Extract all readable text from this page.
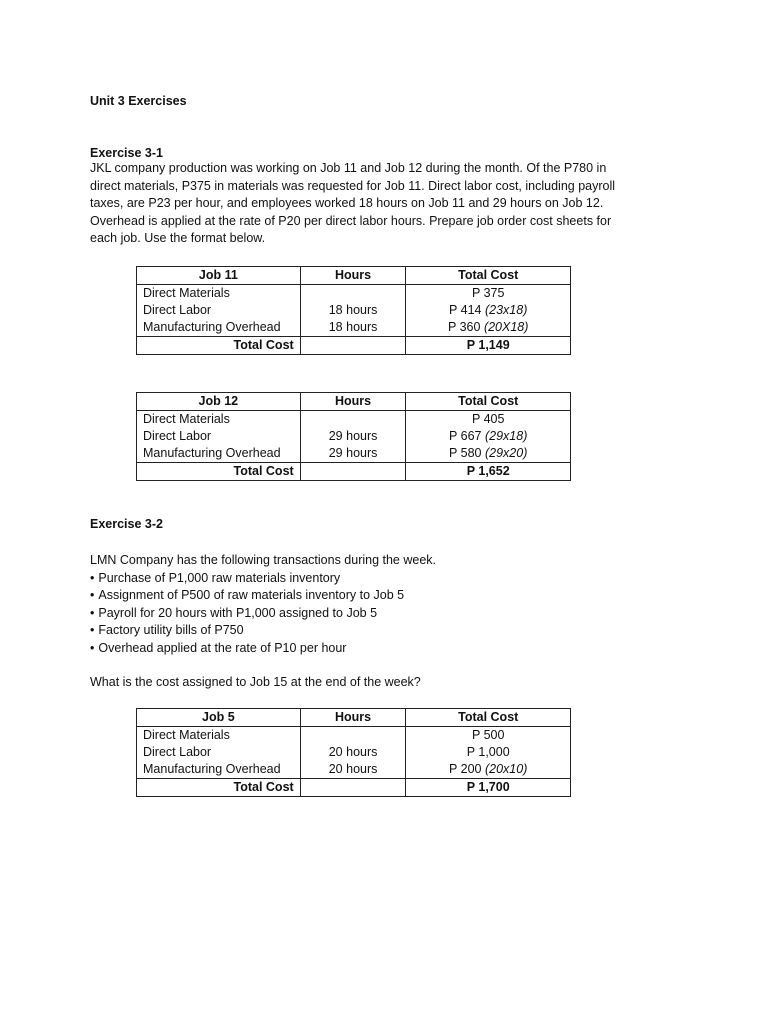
Unit 3 Exercises
Exercise 3-1
JKL company production was working on Job 11 and Job 12 during the month. Of the P780 in direct materials, P375 in materials was requested for Job 11. Direct labor cost, including payroll taxes, are P23 per hour, and employees worked 18 hours on Job 11 and 29 hours on Job 12. Overhead is applied at the rate of P20 per direct labor hours. Prepare job order cost sheets for each job. Use the format below.
Exercise 3-2
LMN Company has the following transactions during the week.
• Purchase of P1,000 raw materials inventory
• Assignment of P500 of raw materials inventory to Job 5
• Payroll for 20 hours with P1,000 assigned to Job 5
• Factory utility bills of P750
• Overhead applied at the rate of P10 per hour
What is the cost assigned to Job 15 at the end of the week?
Job 11	Hours	Total Cost
Direct Materials		P 375
Direct Labor	18 hours	P 414 (23x18)
Manufacturing Overhead	18 hours	P 360 (20X18)
Total Cost		P 1,149
Job 12	Hours	Total Cost
Direct Materials		P 405
Direct Labor	29 hours	P 667 (29x18)
Manufacturing Overhead	29 hours	P 580 (29x20)
Total Cost		P 1,652
Job 5	Hours	Total Cost
Direct Materials		P 500
Direct Labor	20 hours	P 1,000
Manufacturing Overhead	20 hours	P 200 (20x10)
Total Cost		P 1,700
